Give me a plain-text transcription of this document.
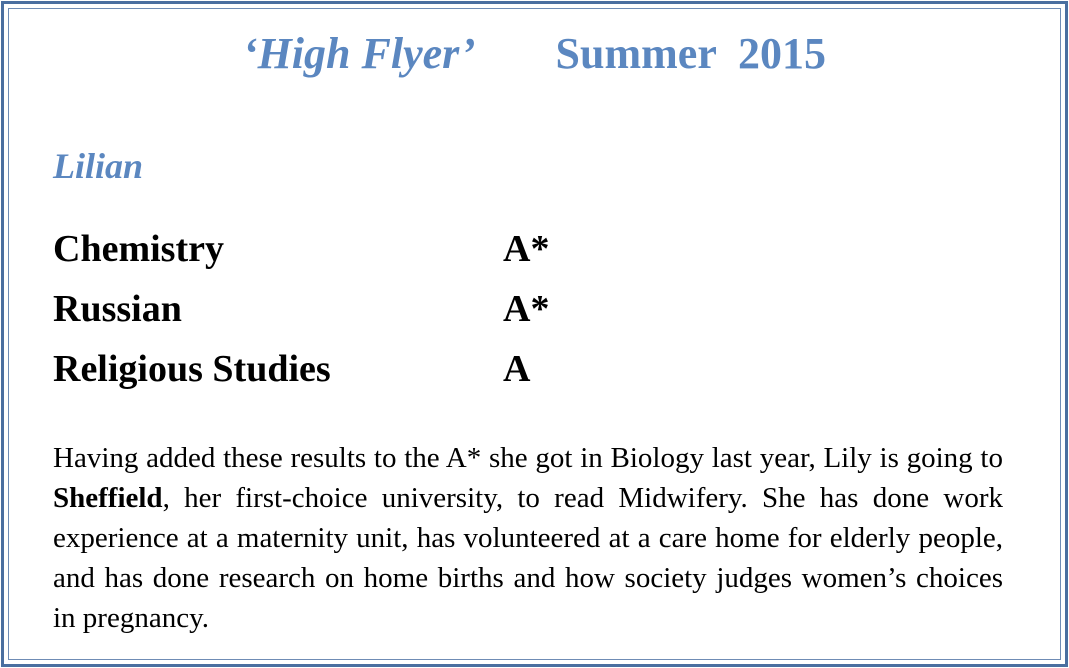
‘High Flyer’ Summer  2015
Lilian
Chemistry	A*
Russian	A*
Religious Studies	A

Having added these results to the A* she got in Biology last year, Lily is going to Sheffield, her first-choice university, to read Midwifery. She has done work experience at a maternity unit, has volunteered at a care home for elderly people, and has done research on home births and how society judges women’s choices in pregnancy.
